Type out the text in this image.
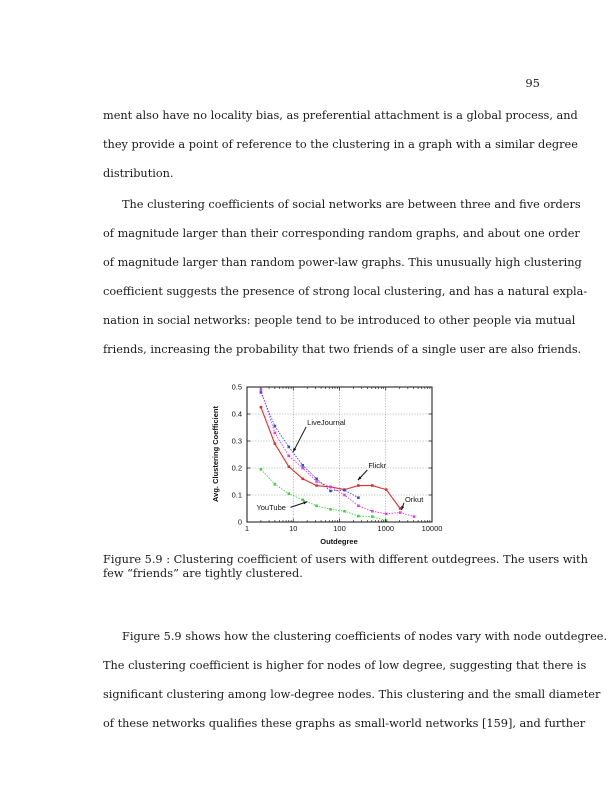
95
ment also have no locality bias, as preferential attachment is a global process, and
they provide a point of reference to the clustering in a graph with a similar degree
distribution.
The clustering coefficients of social networks are between three and five orders
of magnitude larger than their corresponding random graphs, and about one order
of magnitude larger than random power-law graphs. This unusually high clustering
coefficient suggests the presence of strong local clustering, and has a natural expla-
nation in social networks: people tend to be introduced to other people via mutual
friends, increasing the probability that two friends of a single user are also friends.
1	10	100	1000	10000
0
0.1
0.2
0.3
0.4
0.5
LiveJournal
Flickr
Orkut
YouTube
Outdegree
Avg. Clustering Coefficient
Figure 5.9 : Clustering coefficient of users with different outdegrees. The users with
few “friends” are tightly clustered.
Figure 5.9 shows how the clustering coefficients of nodes vary with node outdegree.
The clustering coefficient is higher for nodes of low degree, suggesting that there is
significant clustering among low-degree nodes. This clustering and the small diameter
of these networks qualifies these graphs as small-world networks [159], and further
